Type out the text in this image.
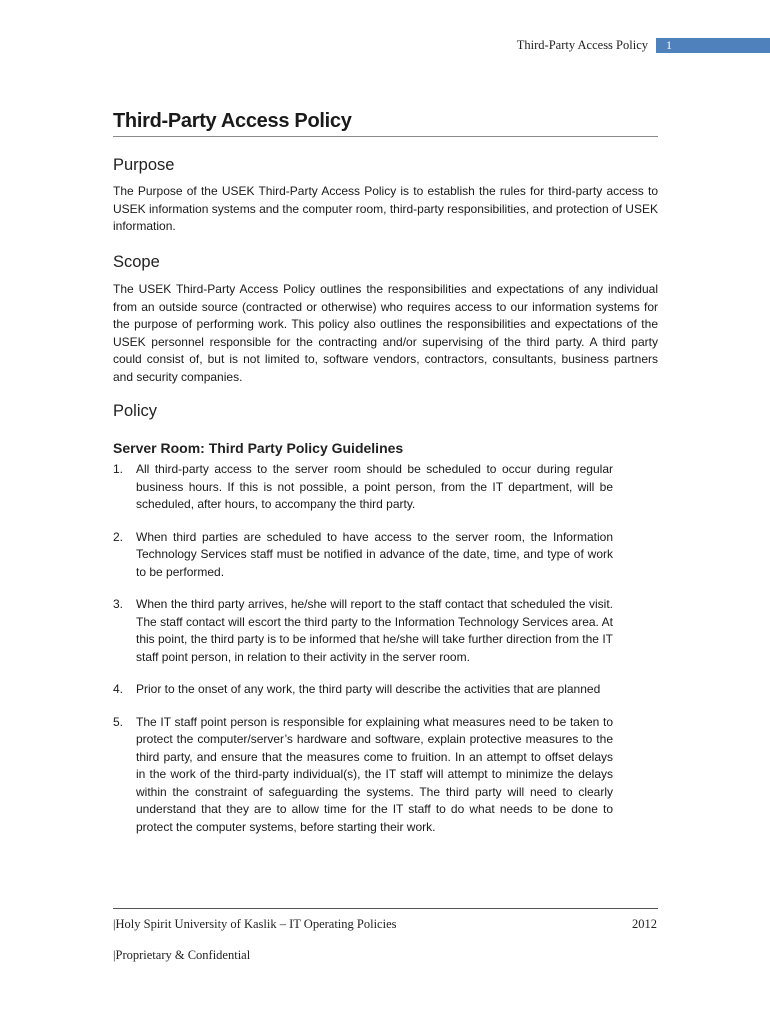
Third-Party Access Policy	1
Third-Party Access Policy
Purpose

The Purpose of the USEK Third-Party Access Policy is to establish the rules for third-party access to USEK information systems and the computer room, third-party responsibilities, and protection of USEK information.

Scope

The USEK Third-Party Access Policy outlines the responsibilities and expectations of any individual from an outside source (contracted or otherwise) who requires access to our information systems for the purpose of performing work. This policy also outlines the responsibilities and expectations of the USEK personnel responsible for the contracting and/or supervising of the third party. A third party could consist of, but is not limited to, software vendors, contractors, consultants, business partners and security companies.

Policy
Server Room: Third Party Policy Guidelines
1. All third-party access to the server room should be scheduled to occur during regular business hours. If this is not possible, a point person, from the IT department, will be scheduled, after hours, to accompany the third party.
2. When third parties are scheduled to have access to the server room, the Information Technology Services staff must be notified in advance of the date, time, and type of work to be performed.
3. When the third party arrives, he/she will report to the staff contact that scheduled the visit. The staff contact will escort the third party to the Information Technology Services area. At this point, the third party is to be informed that he/she will take further direction from the IT staff point person, in relation to their activity in the server room.
4. Prior to the onset of any work, the third party will describe the activities that are planned
5. The IT staff point person is responsible for explaining what measures need to be taken to protect the computer/server’s hardware and software, explain protective measures to the third party, and ensure that the measures come to fruition. In an attempt to offset delays in the work of the third-party individual(s), the IT staff will attempt to minimize the delays within the constraint of safeguarding the systems. The third party will need to clearly understand that they are to allow time for the IT staff to do what needs to be done to protect the computer systems, before starting their work.
|Holy Spirit University of Kaslik – IT Operating Policies	2012
|Proprietary & Confidential
